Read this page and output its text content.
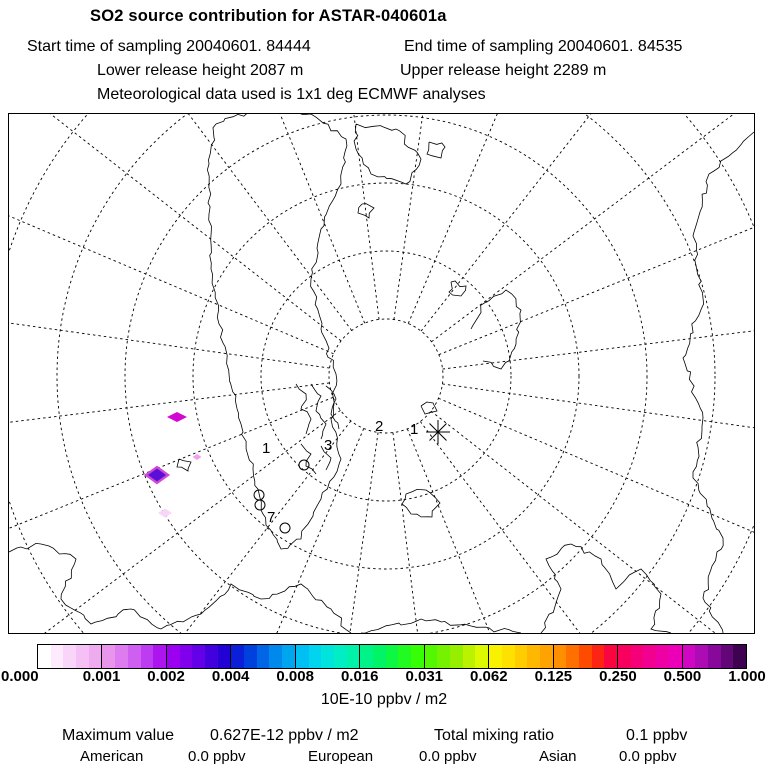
SO2 source contribution for ASTAR-040601a
Start time of sampling 20040601. 84444	End time of sampling 20040601. 84535
Lower release height 2087 m	Upper release height 2289 m
Meteorological data used is 1x1 deg ECMWF analyses
1	3
2 1
7
0.000	0.001 0.002 0.004 0.008 0.016 0.031 0.062 0.125 0.250 0.500 1.000
10E-10 ppbv / m2
Maximum value 0.627E-12 ppbv / m2	Total mixing ratio	0.1 ppbv
American	0.0 ppbv	European	0.0 ppbv	Asian	0.0 ppbv
